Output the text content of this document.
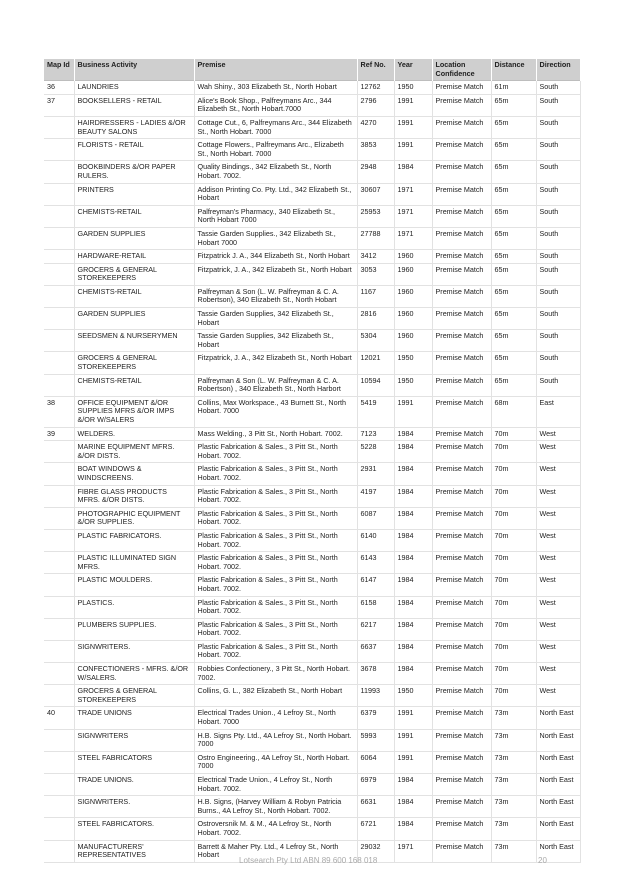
Map Id	Business Activity	Premise	Ref No.	Year	Location Confidence	Distance	Direction
36	LAUNDRIES	Wah Shiny., 303 Elizabeth St., North Hobart	12762	1950	Premise Match	61m	South
37	BOOKSELLERS - RETAIL	Alice's Book Shop., Palfreymans Arc., 344 Elizabeth St., North Hobart.7000	2796	1991	Premise Match	65m	South
	HAIRDRESSERS - LADIES &/OR BEAUTY SALONS	Cottage Cut., 6, Palfreymans Arc., 344 Elizabeth St., North Hobart. 7000	4270	1991	Premise Match	65m	South
	FLORISTS - RETAIL	Cottage Flowers., Palfreymans Arc., Elizabeth St., North Hobart. 7000	3853	1991	Premise Match	65m	South
	BOOKBINDERS &/OR PAPER RULERS.	Quality Bindings., 342 Elizabeth St., North Hobart. 7002.	2948	1984	Premise Match	65m	South
	PRINTERS	Addison Printing Co. Pty. Ltd., 342 Elizabeth St., Hobart	30607	1971	Premise Match	65m	South
	CHEMISTS-RETAIL	Palfreyman's Pharmacy., 340 Elizabeth St., North Hobart 7000	25953	1971	Premise Match	65m	South
	GARDEN SUPPLIES	Tassie Garden Supplies., 342 Elizabeth St., Hobart 7000	27788	1971	Premise Match	65m	South
	HARDWARE-RETAIL	Fitzpatrick J. A., 344 Elizabeth St., North Hobart	3412	1960	Premise Match	65m	South
	GROCERS & GENERAL STOREKEEPERS	Fitzpatrick, J. A., 342 Elizabeth St., North Hobart	3053	1960	Premise Match	65m	South
	CHEMISTS-RETAIL	Palfreyman & Son (L. W. Palfreyman & C. A. Robertson), 340 Elizabeth St., North Hobart	1167	1960	Premise Match	65m	South
	GARDEN SUPPLIES	Tassie Garden Supplies, 342 Elizabeth St., Hobart	2816	1960	Premise Match	65m	South
	SEEDSMEN & NURSERYMEN	Tassie Garden Supplies, 342 Elizabeth St., Hobart	5304	1960	Premise Match	65m	South
	GROCERS & GENERAL STOREKEEPERS	Fitzpatrick, J. A., 342 Elizabeth St., North Hobart	12021	1950	Premise Match	65m	South
	CHEMISTS-RETAIL	Palfreyman & Son (L. W. Palfreyman & C. A. Robertson) , 340 Elizabeth St., North Harbort	10594	1950	Premise Match	65m	South
38	OFFICE EQUIPMENT &/OR SUPPLIES MFRS &/OR IMPS &/OR W/SALERS	Collins, Max Workspace., 43 Burnett St., North Hobart. 7000	5419	1991	Premise Match	68m	East
39	WELDERS.	Mass Welding., 3 Pitt St., North Hobart. 7002.	7123	1984	Premise Match	70m	West
	MARINE EQUIPMENT MFRS. &/OR DISTS.	Plastic Fabrication & Sales., 3 Pitt St., North Hobart. 7002.	5228	1984	Premise Match	70m	West
	BOAT WINDOWS & WINDSCREENS.	Plastic Fabrication & Sales., 3 Pitt St., North Hobart. 7002.	2931	1984	Premise Match	70m	West
	FIBRE GLASS PRODUCTS MFRS. &/OR DISTS.	Plastic Fabrication & Sales., 3 Pitt St., North Hobart. 7002.	4197	1984	Premise Match	70m	West
	PHOTOGRAPHIC EQUIPMENT &/OR SUPPLIES.	Plastic Fabrication & Sales., 3 Pitt St., North Hobart. 7002.	6087	1984	Premise Match	70m	West
	PLASTIC FABRICATORS.	Plastic Fabrication & Sales., 3 Pitt St., North Hobart. 7002.	6140	1984	Premise Match	70m	West
	PLASTIC ILLUMINATED SIGN MFRS.	Plastic Fabrication & Sales., 3 Pitt St., North Hobart. 7002.	6143	1984	Premise Match	70m	West
	PLASTIC MOULDERS.	Plastic Fabrication & Sales., 3 Pitt St., North Hobart. 7002.	6147	1984	Premise Match	70m	West
	PLASTICS.	Plastic Fabrication & Sales., 3 Pitt St., North Hobart. 7002.	6158	1984	Premise Match	70m	West
	PLUMBERS SUPPLIES.	Plastic Fabrication & Sales., 3 Pitt St., North Hobart. 7002.	6217	1984	Premise Match	70m	West
	SIGNWRITERS.	Plastic Fabrication & Sales., 3 Pitt St., North Hobart. 7002.	6637	1984	Premise Match	70m	West
	CONFECTIONERS - MFRS. &/OR W/SALERS.	Robbies Confectionery., 3 Pitt St., North Hobart. 7002.	3678	1984	Premise Match	70m	West
	GROCERS & GENERAL STOREKEEPERS	Collins, G. L., 382 Elizabeth St., North Hobart	11993	1950	Premise Match	70m	West
40	TRADE UNIONS	Electrical Trades Union., 4 Lefroy St., North Hobart. 7000	6379	1991	Premise Match	73m	North East
	SIGNWRITERS	H.B. Signs Pty. Ltd., 4A Lefroy St., North Hobart. 7000	5993	1991	Premise Match	73m	North East
	STEEL FABRICATORS	Ostro Engineering., 4A Lefroy St., North Hobart. 7000	6064	1991	Premise Match	73m	North East
	TRADE UNIONS.	Electrical Trade Union., 4 Lefroy St., North Hobart. 7002.	6979	1984	Premise Match	73m	North East
	SIGNWRITERS.	H.B. Signs, (Harvey William & Robyn Patricia Burns., 4A Lefroy St., North Hobart. 7002.	6631	1984	Premise Match	73m	North East
	STEEL FABRICATORS.	Ostroversnik M. & M., 4A Lefroy St., North Hobart. 7002.	6721	1984	Premise Match	73m	North East
	MANUFACTURERS' REPRESENTATIVES	Barrett & Maher Pty. Ltd., 4 Lefroy St., North Hobart	29032	1971	Premise Match	73m	North East
Lotsearch Pty Ltd ABN 89 600 168 018	20
